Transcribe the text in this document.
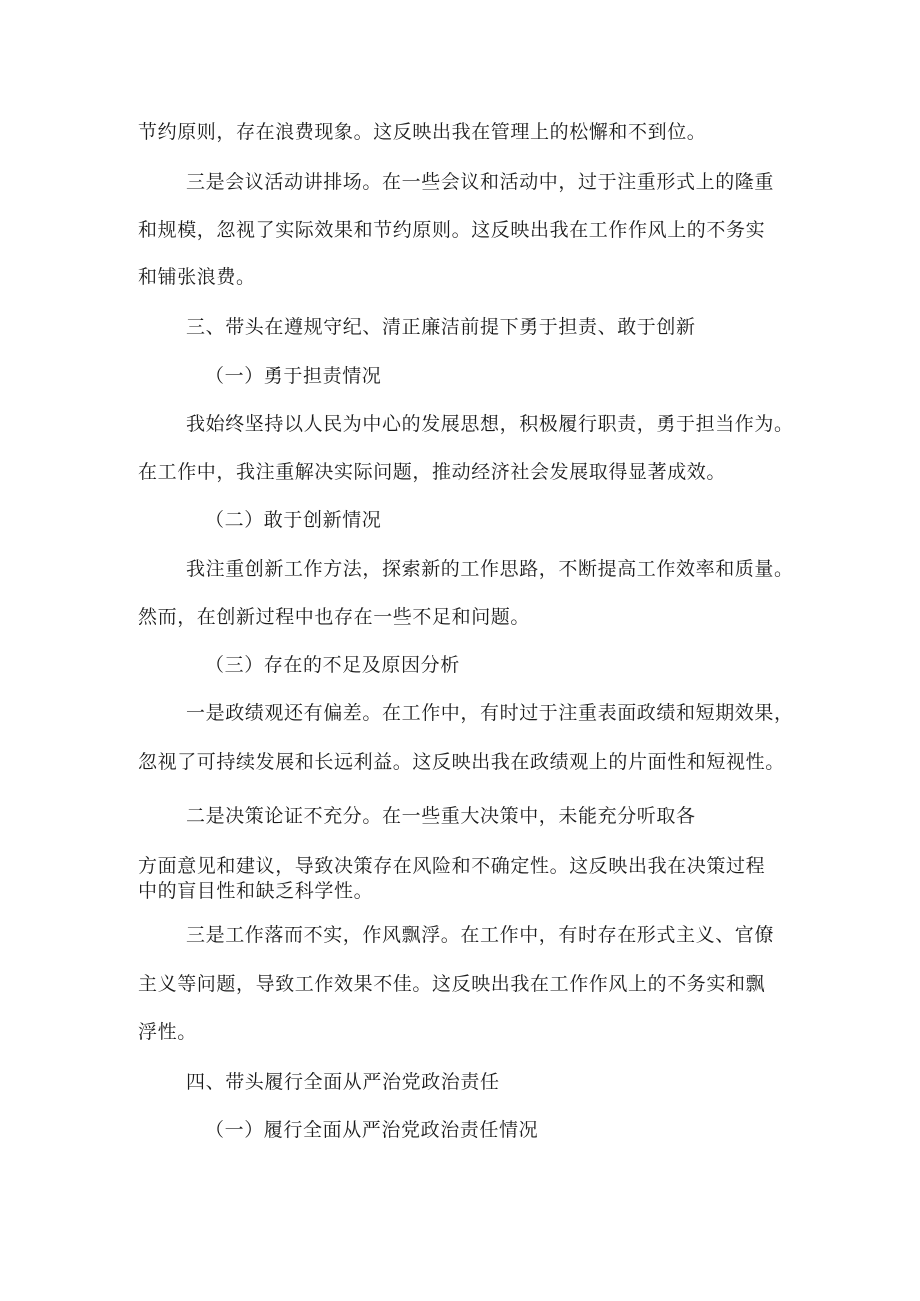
节约原则，存在浪费现象。这反映出我在管理上的松懈和不到位。

三是会议活动讲排场。在一些会议和活动中，过于注重形式上的隆重

和规模，忽视了实际效果和节约原则。这反映出我在工作作风上的不务实

和铺张浪费。

三、带头在遵规守纪、清正廉洁前提下勇于担责、敢于创新

（一）勇于担责情况

我始终坚持以人民为中心的发展思想，积极履行职责，勇于担当作为。

在工作中，我注重解决实际问题，推动经济社会发展取得显著成效。

（二）敢于创新情况

我注重创新工作方法，探索新的工作思路，不断提高工作效率和质量。

然而，在创新过程中也存在一些不足和问题。

（三）存在的不足及原因分析

一是政绩观还有偏差。在工作中，有时过于注重表面政绩和短期效果，

忽视了可持续发展和长远利益。这反映出我在政绩观上的片面性和短视性。

二是决策论证不充分。在一些重大决策中，未能充分听取各

方面意见和建议，导致决策存在风险和不确定性。这反映出我在决策过程

中的盲目性和缺乏科学性。

三是工作落而不实，作风飘浮。在工作中，有时存在形式主义、官僚

主义等问题，导致工作效果不佳。这反映出我在工作作风上的不务实和飘

浮性。

四、带头履行全面从严治党政治责任

（一）履行全面从严治党政治责任情况
